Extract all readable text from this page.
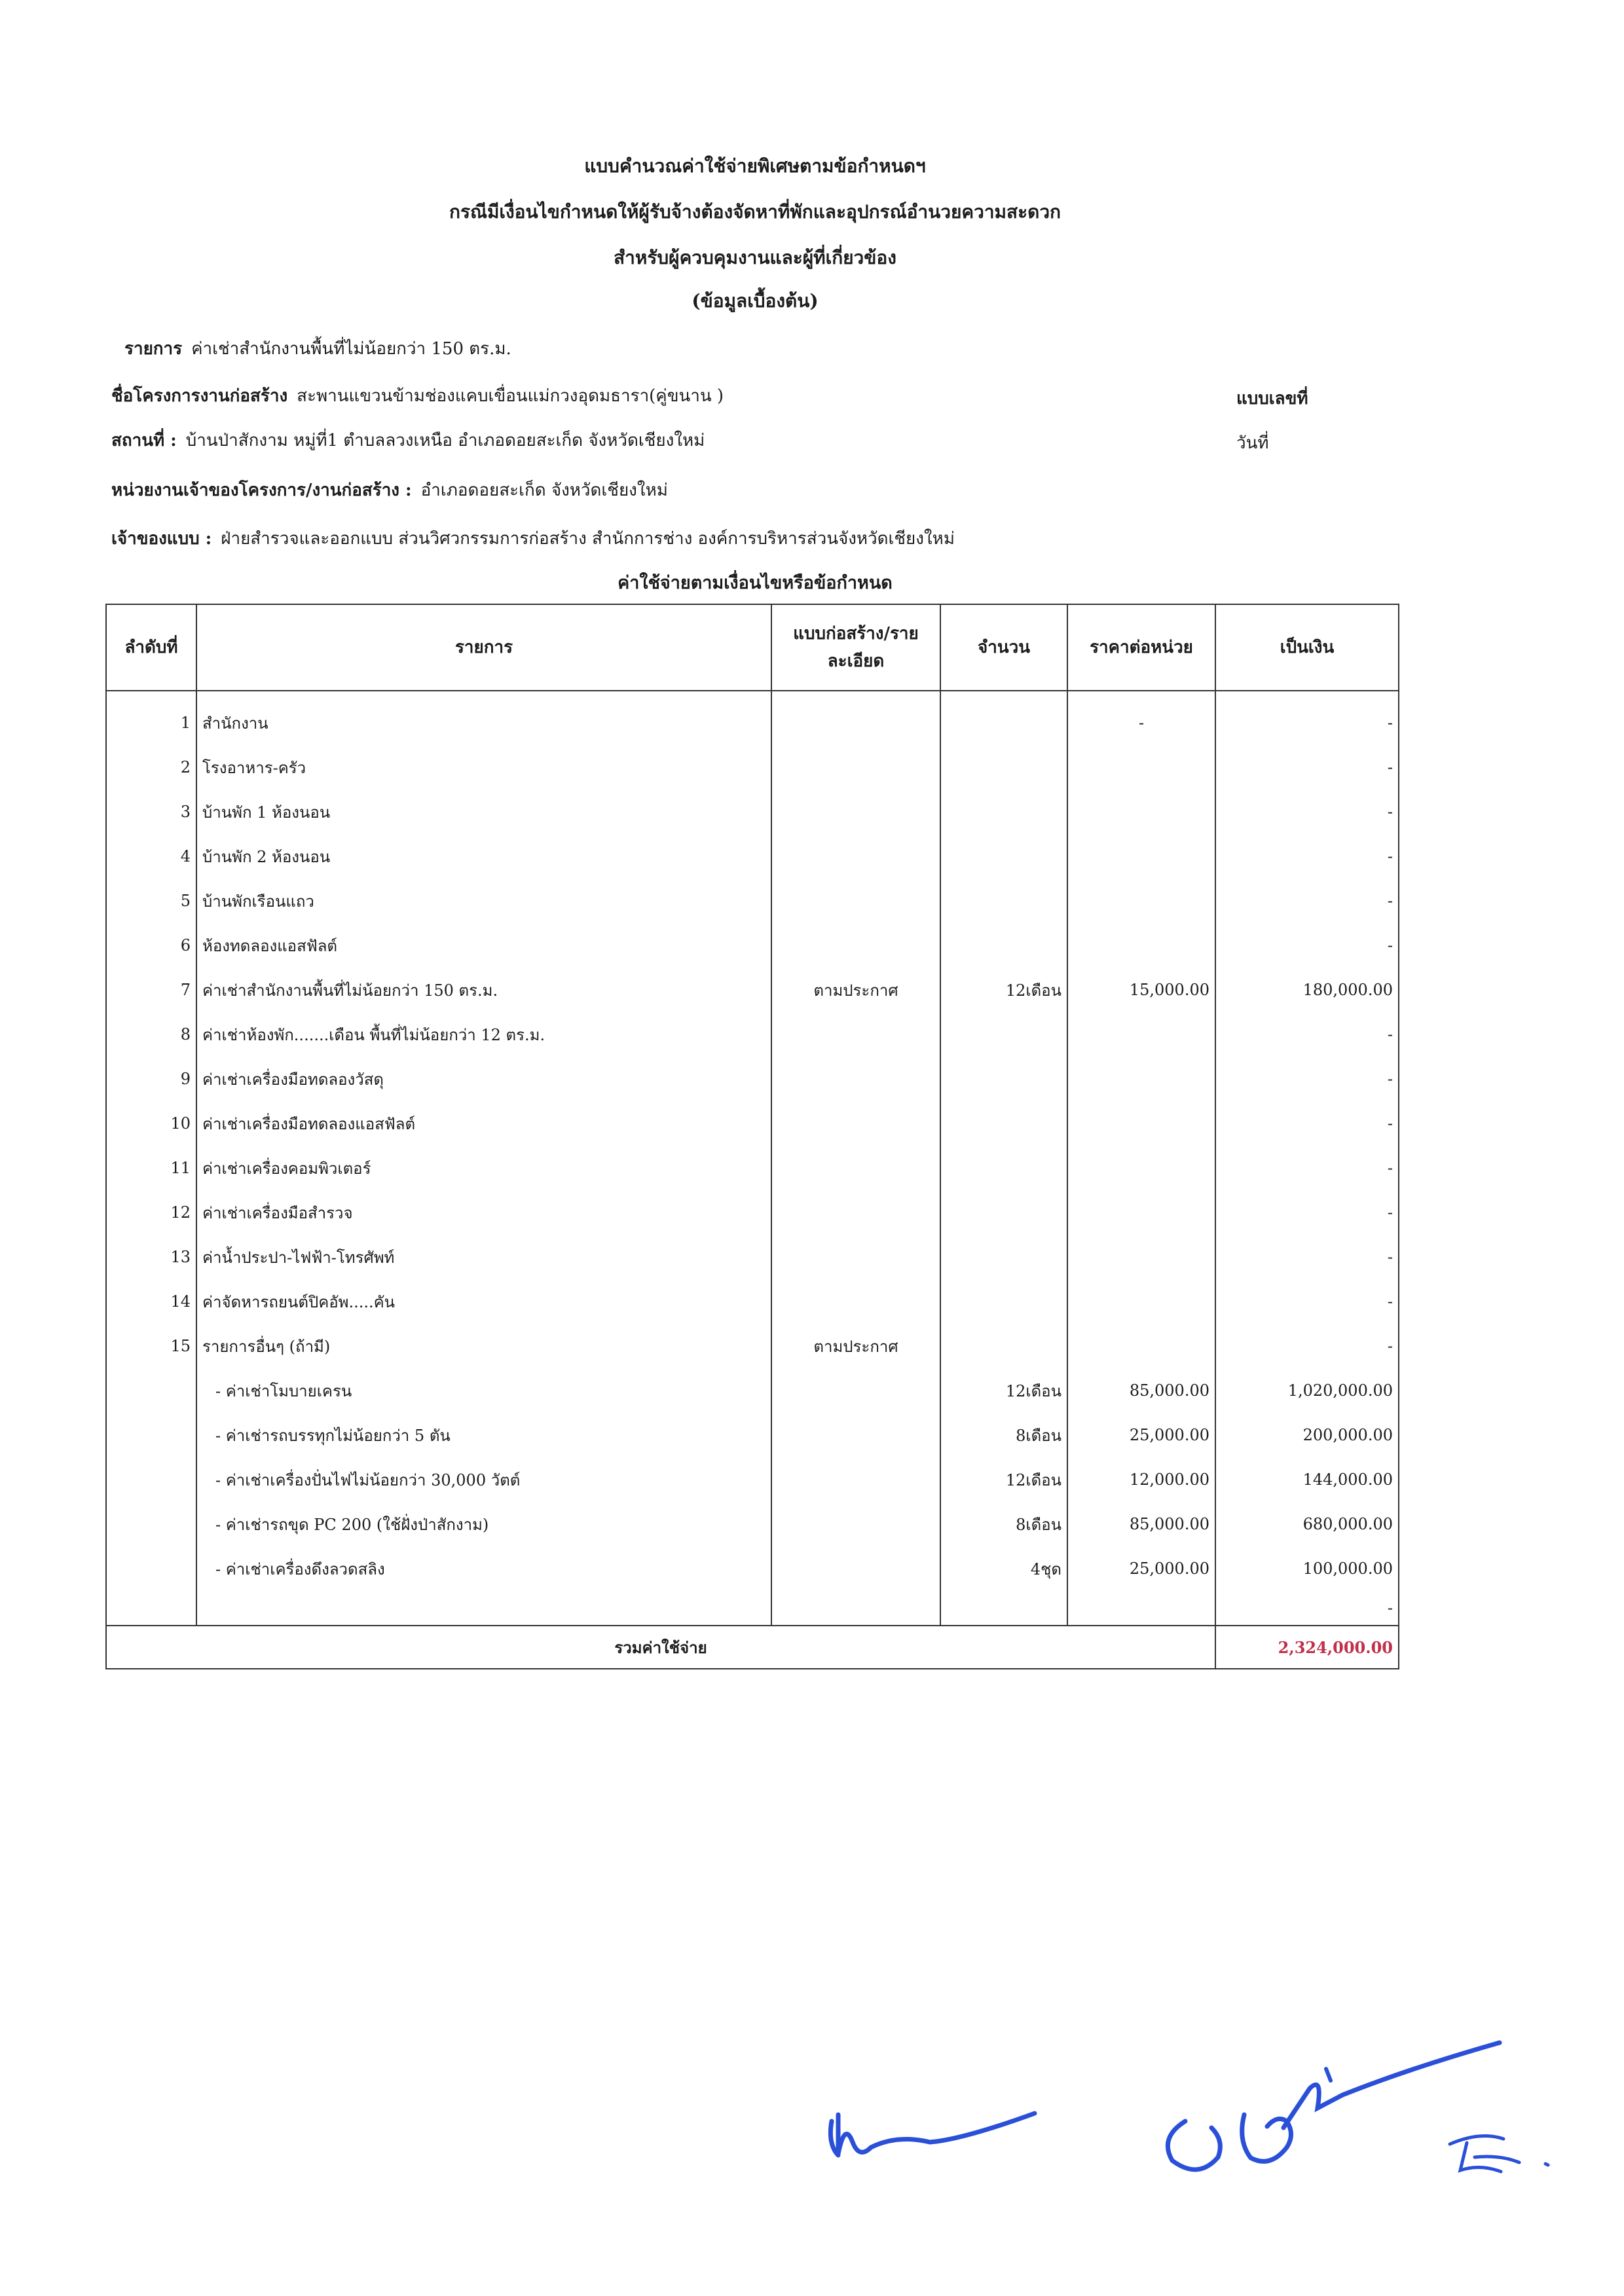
แบบคำนวณค่าใช้จ่ายพิเศษตามข้อกำหนดฯ
กรณีมีเงื่อนไขกำหนดให้ผู้รับจ้างต้องจัดหาที่พักและอุปกรณ์อำนวยความสะดวก
สำหรับผู้ควบคุมงานและผู้ที่เกี่ยวข้อง
(ข้อมูลเบื้องต้น)
รายการ ค่าเช่าสำนักงานพื้นที่ไม่น้อยกว่า 150 ตร.ม.
ชื่อโครงการงานก่อสร้าง สะพานแขวนข้ามช่องแคบเขื่อนแม่กวงอุดมธารา(คู่ขนาน )	แบบเลขที่
สถานที่ : บ้านป่าสักงาม หมู่ที่1 ตำบลลวงเหนือ อำเภอดอยสะเก็ด จังหวัดเชียงใหม่	วันที่
หน่วยงานเจ้าของโครงการ/งานก่อสร้าง : อำเภอดอยสะเก็ด จังหวัดเชียงใหม่
เจ้าของแบบ : ฝ่ายสำรวจและออกแบบ ส่วนวิศวกรรมการก่อสร้าง สำนักการช่าง องค์การบริหารส่วนจังหวัดเชียงใหม่
ค่าใช้จ่ายตามเงื่อนไขหรือข้อกำหนด
ลำดับที่	รายการ	แบบก่อสร้าง/รายละเอียด	จำนวน	ราคาต่อหน่วย	เป็นเงิน
1	สำนักงาน			-	-
2	โรงอาหาร-ครัว				-
3	บ้านพัก 1 ห้องนอน				-
4	บ้านพัก 2 ห้องนอน				-
5	บ้านพักเรือนแถว				-
6	ห้องทดลองแอสฟัลต์				-
7	ค่าเช่าสำนักงานพื้นที่ไม่น้อยกว่า 150 ตร.ม.	ตามประกาศ	12เดือน	15,000.00	180,000.00
8	ค่าเช่าห้องพัก.......เดือน พื้นที่ไม่น้อยกว่า 12 ตร.ม.				-
9	ค่าเช่าเครื่องมือทดลองวัสดุ				-
10	ค่าเช่าเครื่องมือทดลองแอสฟัลต์				-
11	ค่าเช่าเครื่องคอมพิวเตอร์				-
12	ค่าเช่าเครื่องมือสำรวจ				-
13	ค่าน้ำประปา-ไฟฟ้า-โทรศัพท์				-
14	ค่าจัดหารถยนต์ปิคอัพ.....คัน				-
15	รายการอื่นๆ (ถ้ามี)	ตามประกาศ			-
	- ค่าเช่าโมบายเครน		12เดือน	85,000.00	1,020,000.00
	- ค่าเช่ารถบรรทุกไม่น้อยกว่า 5 ตัน		8เดือน	25,000.00	200,000.00
	- ค่าเช่าเครื่องปั่นไฟไม่น้อยกว่า 30,000 วัตต์		12เดือน	12,000.00	144,000.00
	- ค่าเช่ารถขุด PC 200 (ใช้ฝั่งป่าสักงาม)		8เดือน	85,000.00	680,000.00
	- ค่าเช่าเครื่องดึงลวดสลิง		4ชุด	25,000.00	100,000.00
					-
รวมค่าใช้จ่าย					2,324,000.00
